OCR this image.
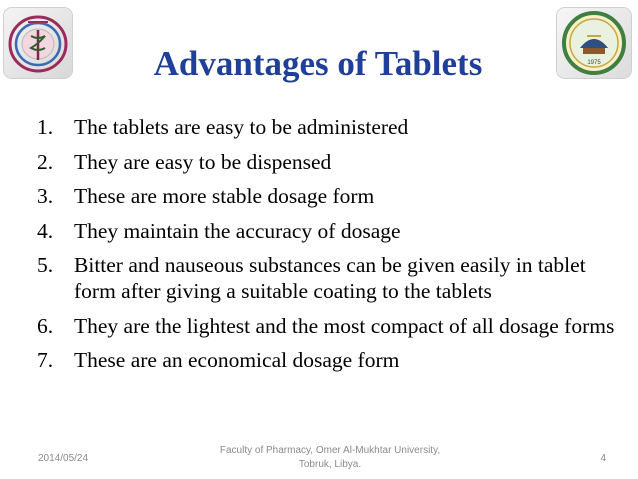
1975
Advantages of Tablets
1. The tablets are easy to be administered
2. They are easy to be dispensed
3. These are more stable dosage form
4. They maintain the accuracy of dosage
5. Bitter and nauseous substances can be given easily in tablet form after giving a suitable coating to the tablets
6. They are the lightest and the most compact of all dosage forms
7. These are an economical dosage form
2014/05/24
Faculty of Pharmacy, Omer Al-Mukhtar University,
Tobruk, Libya.
4
